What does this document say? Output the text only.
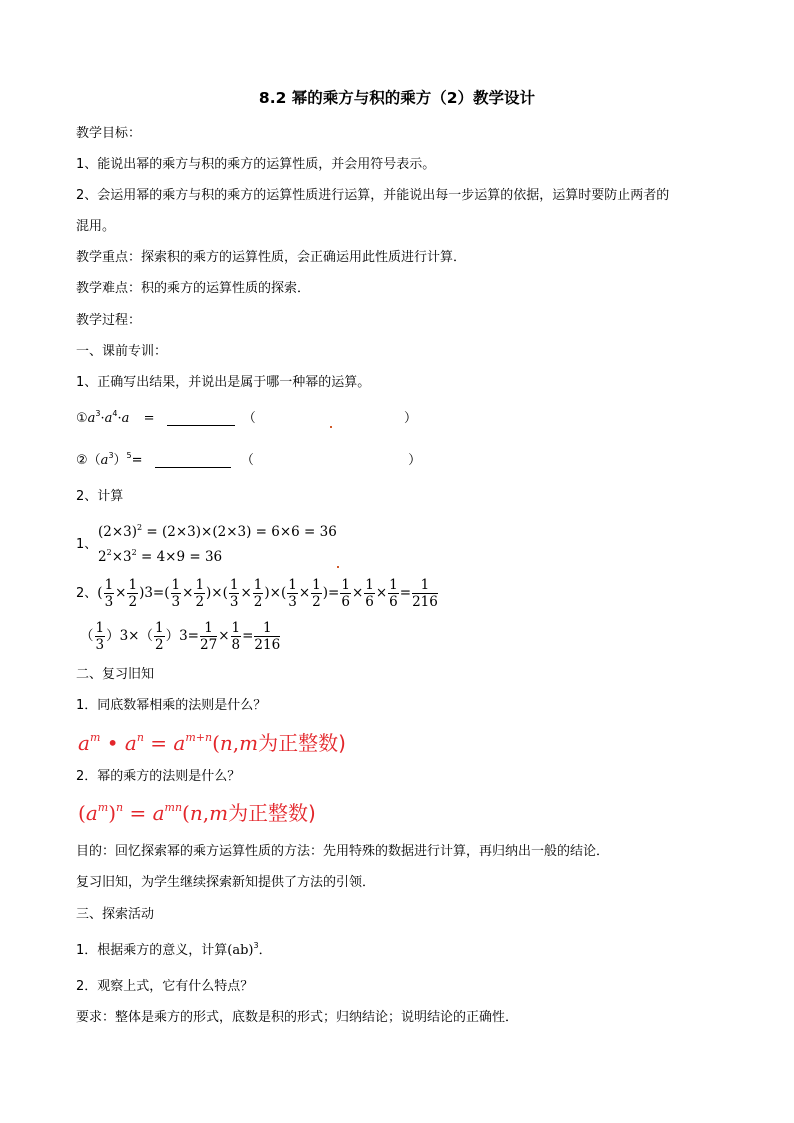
8.2 幂的乘方与积的乘方（2）教学设计
教学目标：
1、能说出幂的乘方与积的乘方的运算性质，并会用符号表示。
2、会运用幂的乘方与积的乘方的运算性质进行运算，并能说出每一步运算的依据，运算时要防止两者的
混用。
教学重点：探索积的乘方的运算性质，会正确运用此性质进行计算．
教学难点：积的乘方的运算性质的探索．
教学过程：
一、课前专训：
1、正确写出结果，并说出是属于哪一种幂的运算。
$①a^3\cdot a^4\cdot a$ =	（	）
$②(a^3)^5=$	（	）
2、计算
1、
$(2\times 3)^2 = (2\times 3)\times(2\times 3) = 6\times 6 = 36$
$2^2\times 3^2 = 4\times 9 = 36$
2、 ( $\frac{1}{3} \times \frac{1}{2}$ ) 3= ( $\frac{1}{3} \times \frac{1}{2}$ )×( $\frac{1}{3} \times \frac{1}{2}$ )×( $\frac{1}{3} \times \frac{1}{2}$ )= $\frac{1}{6} \times \frac{1}{6} \times \frac{1}{6} = \frac{1}{216}$
（ $\frac{1}{3}$ ） 3× （ $\frac{1}{2}$ ） $3= \frac{1}{27} \times \frac{1}{8} = \frac{1}{216}$
二、复习旧知
1．同底数幂相乘的法则是什么？
$a^m$ • $a^n = a^{m+n}(n,m$为正整数)
2．幂的乘方的法则是什么？
$(a^m)^n = a^{mn}(n,m$为正整数)
目的：回忆探索幂的乘方运算性质的方法：先用特殊的数据进行计算，再归纳出一般的结论．
复习旧知，为学生继续探索新知提供了方法的引领．
三、探索活动
1．根据乘方的意义，计算(ab)$^3$．
2．观察上式，它有什么特点？
要求：整体是乘方的形式，底数是积的形式；归纳结论；说明结论的正确性．
